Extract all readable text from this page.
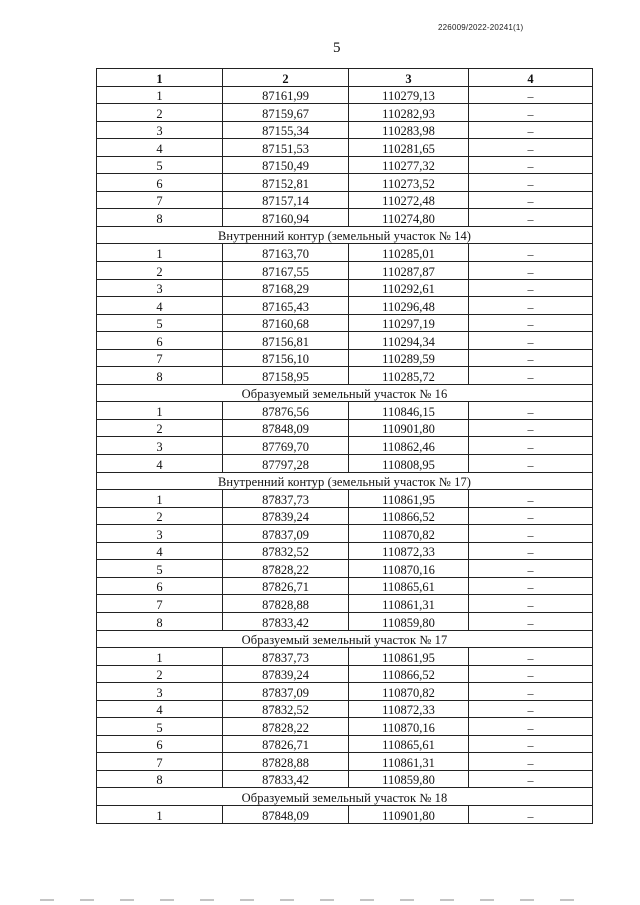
226009/2022-20241(1)
5
1	2	3	4
1	87161,99	110279,13	–
2	87159,67	110282,93	–
3	87155,34	110283,98	–
4	87151,53	110281,65	–
5	87150,49	110277,32	–
6	87152,81	110273,52	–
7	87157,14	110272,48	–
8	87160,94	110274,80	–
Внутренний контур (земельный участок № 14)			
1	87163,70	110285,01	–
2	87167,55	110287,87	–
3	87168,29	110292,61	–
4	87165,43	110296,48	–
5	87160,68	110297,19	–
6	87156,81	110294,34	–
7	87156,10	110289,59	–
8	87158,95	110285,72	–
Образуемый земельный участок № 16			
1	87876,56	110846,15	–
2	87848,09	110901,80	–
3	87769,70	110862,46	–
4	87797,28	110808,95	–
Внутренний контур (земельный участок № 17)			
1	87837,73	110861,95	–
2	87839,24	110866,52	–
3	87837,09	110870,82	–
4	87832,52	110872,33	–
5	87828,22	110870,16	–
6	87826,71	110865,61	–
7	87828,88	110861,31	–
8	87833,42	110859,80	–
Образуемый земельный участок № 17			
1	87837,73	110861,95	–
2	87839,24	110866,52	–
3	87837,09	110870,82	–
4	87832,52	110872,33	–
5	87828,22	110870,16	–
6	87826,71	110865,61	–
7	87828,88	110861,31	–
8	87833,42	110859,80	–
Образуемый земельный участок № 18			
1	87848,09	110901,80	–
